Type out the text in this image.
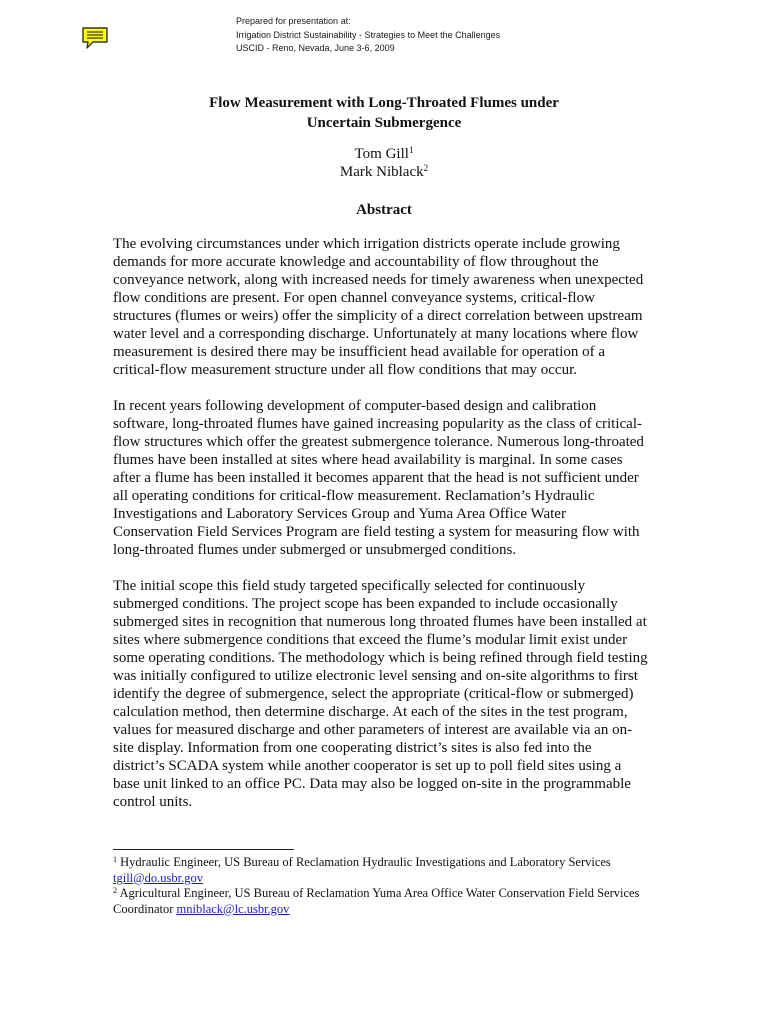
Prepared for presentation at:
Irrigation District Sustainability - Strategies to Meet the Challenges
USCID - Reno, Nevada, June 3-6, 2009
Flow Measurement with Long-Throated Flumes under
Uncertain Submergence
Tom Gill$^1$
Mark Niblack$^2$
Abstract

The evolving circumstances under which irrigation districts operate include growing
demands for more accurate knowledge and accountability of flow throughout the
conveyance network, along with increased needs for timely awareness when unexpected
flow conditions are present. For open channel conveyance systems, critical-flow
structures (flumes or weirs) offer the simplicity of a direct correlation between upstream
water level and a corresponding discharge. Unfortunately at many locations where flow
measurement is desired there may be insufficient head available for operation of a
critical-flow measurement structure under all flow conditions that may occur.

In recent years following development of computer-based design and calibration
software, long-throated flumes have gained increasing popularity as the class of critical-
flow structures which offer the greatest submergence tolerance. Numerous long-throated
flumes have been installed at sites where head availability is marginal. In some cases
after a flume has been installed it becomes apparent that the head is not sufficient under
all operating conditions for critical-flow measurement. Reclamation’s Hydraulic
Investigations and Laboratory Services Group and Yuma Area Office Water
Conservation Field Services Program are field testing a system for measuring flow with
long-throated flumes under submerged or unsubmerged conditions.

The initial scope this field study targeted specifically selected for continuously
submerged conditions. The project scope has been expanded to include occasionally
submerged sites in recognition that numerous long throated flumes have been installed at
sites where submergence conditions that exceed the flume’s modular limit exist under
some operating conditions. The methodology which is being refined through field testing
was initially configured to utilize electronic level sensing and on-site algorithms to first
identify the degree of submergence, select the appropriate (critical-flow or submerged)
calculation method, then determine discharge. At each of the sites in the test program,
values for measured discharge and other parameters of interest are available via an on-
site display. Information from one cooperating district’s sites is also fed into the
district’s SCADA system while another cooperator is set up to poll field sites using a
base unit linked to an office PC. Data may also be logged on-site in the programmable
control units.

$^1$ Hydraulic Engineer, US Bureau of Reclamation Hydraulic Investigations and Laboratory Services
tgill@do.usbr.gov
$^2$ Agricultural Engineer, US Bureau of Reclamation Yuma Area Office Water Conservation Field Services
Coordinator mniblack@lc.usbr.gov
